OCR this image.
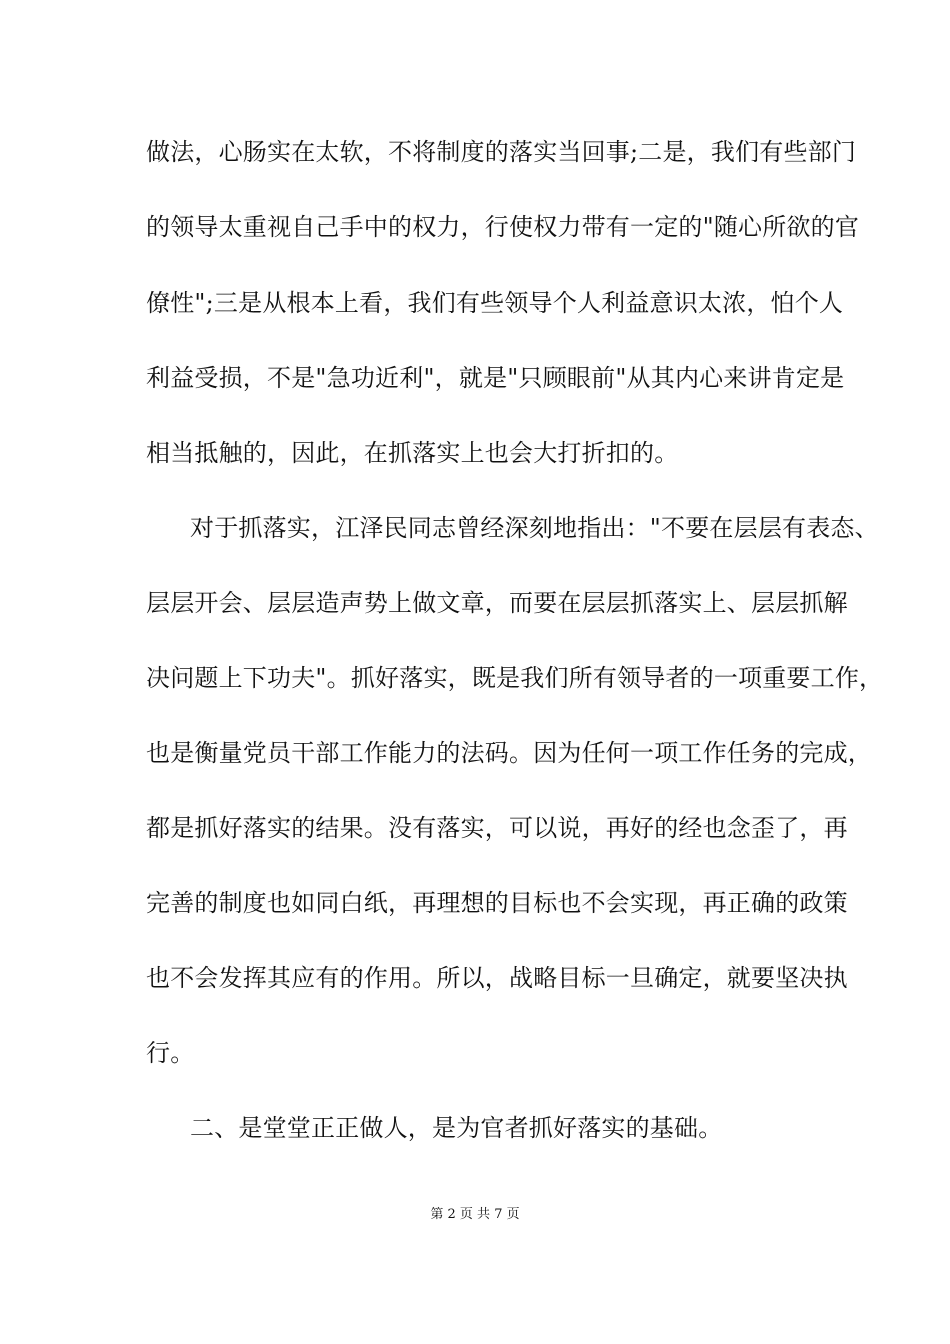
做法，心肠实在太软，不将制度的落实当回事;二是，我们有些部门
的领导太重视自己手中的权力，行使权力带有一定的"随心所欲的官
僚性";三是从根本上看，我们有些领导个人利益意识太浓，怕个人
利益受损，不是"急功近利"，就是"只顾眼前"从其内心来讲肯定是
相当抵触的，因此，在抓落实上也会大打折扣的。
对于抓落实，江泽民同志曾经深刻地指出："不要在层层有表态、
层层开会、层层造声势上做文章，而要在层层抓落实上、层层抓解
决问题上下功夫"。抓好落实，既是我们所有领导者的一项重要工作，
也是衡量党员干部工作能力的法码。因为任何一项工作任务的完成，
都是抓好落实的结果。没有落实，可以说，再好的经也念歪了，再
完善的制度也如同白纸，再理想的目标也不会实现，再正确的政策
也不会发挥其应有的作用。所以，战略目标一旦确定，就要坚决执
行。
二、是堂堂正正做人，是为官者抓好落实的基础。
第 2 页 共 7 页
